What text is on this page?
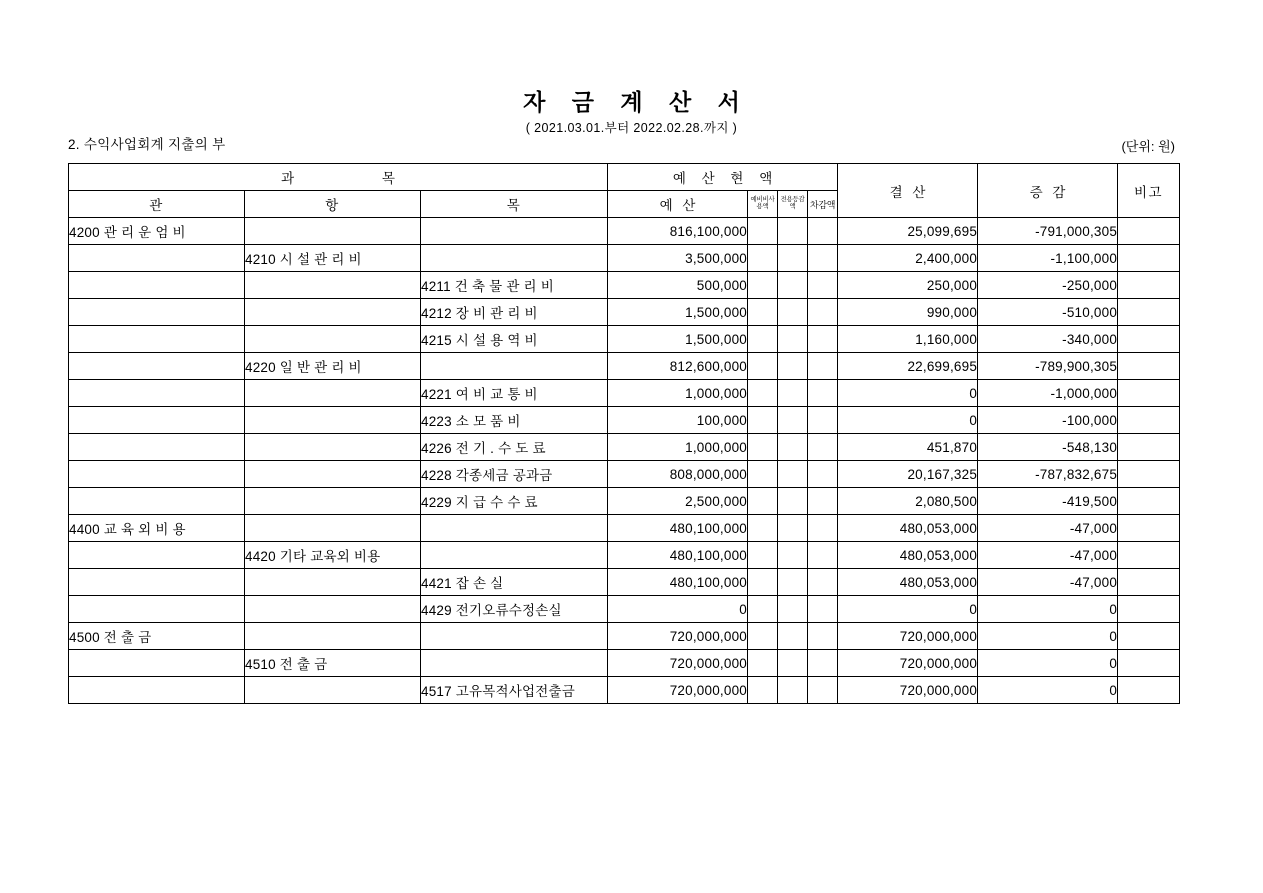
자 금 계 산 서
( 2021.03.01.부터 2022.02.28.까지 )
2. 수익사업회계 지출의 부	(단위: 원)
과 목			예 산 현 액				결 산	증 감	비고
관	항	목	예 산	예비비사용액	전용등감액	차감액			
4200 관 리 운 엄 비			816,100,000				25,099,695	-791,000,305	
	4210 시 설 관 리 비		3,500,000				2,400,000	-1,100,000	
		4211 건 축 물 관 리 비	500,000				250,000	-250,000	
		4212 장 비 관 리 비	1,500,000				990,000	-510,000	
		4215 시 설 용 역 비	1,500,000				1,160,000	-340,000	
	4220 일 반 관 리 비		812,600,000				22,699,695	-789,900,305	
		4221 여 비 교 통 비	1,000,000				0	-1,000,000	
		4223 소 모 품 비	100,000				0	-100,000	
		4226 전 기 . 수 도 료	1,000,000				451,870	-548,130	
		4228 각종세금 공과금	808,000,000				20,167,325	-787,832,675	
		4229 지 급 수 수 료	2,500,000				2,080,500	-419,500	
4400 교 육 외 비 용			480,100,000				480,053,000	-47,000	
	4420 기타 교육외 비용		480,100,000				480,053,000	-47,000	
		4421 잡 손 실	480,100,000				480,053,000	-47,000	
		4429 전기오류수정손실	0				0	0	
4500 전 출 금			720,000,000				720,000,000	0	
	4510 전 출 금		720,000,000				720,000,000	0	
		4517 고유목적사업전출금	720,000,000				720,000,000	0	
